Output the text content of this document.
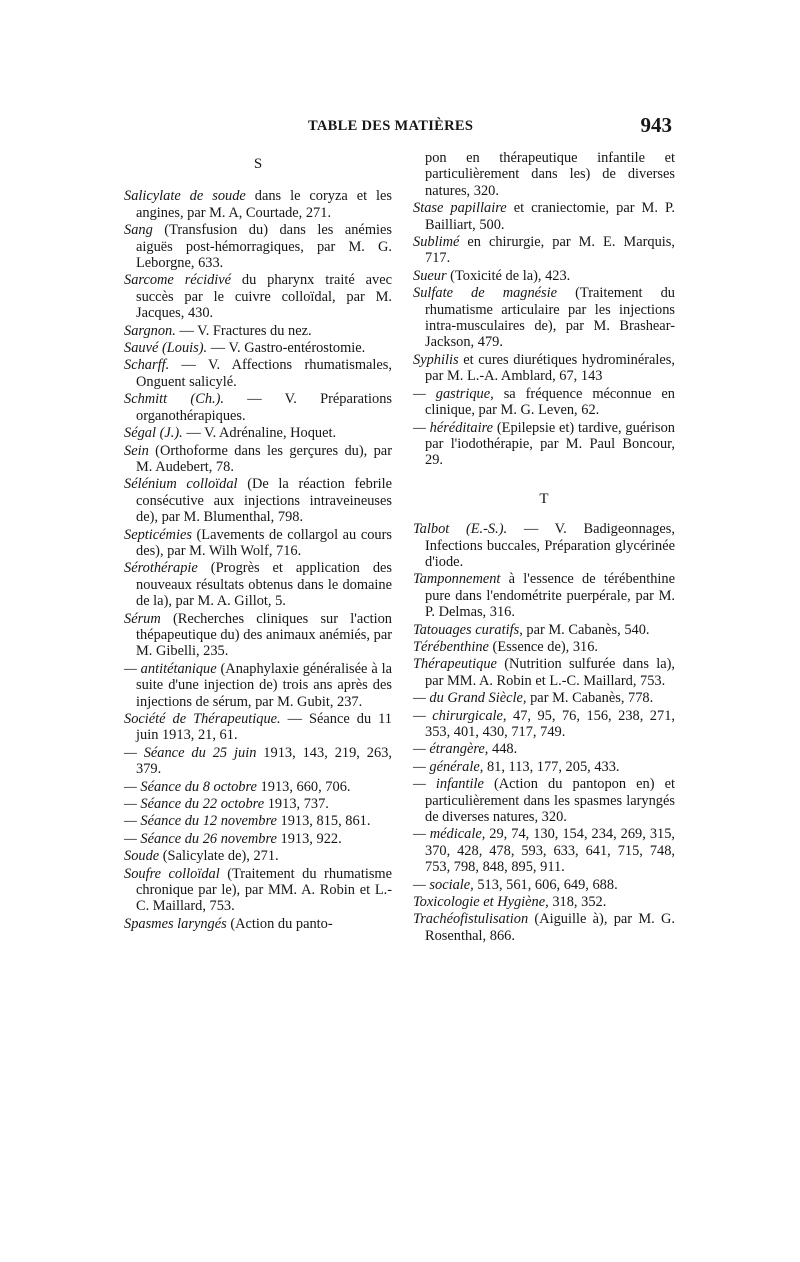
TABLE DES MATIÈRES	943
S

Salicylate de soude dans le coryza et les angines, par M. A, Courtade, 271.

Sang (Transfusion du) dans les anémies aiguës post-hémorragiques, par M. G. Leborgne, 633.

Sarcome récidivé du pharynx traité avec succès par le cuivre colloïdal, par M. Jacques, 430.

Sargnon. — V. Fractures du nez.

Sauvé (Louis). — V. Gastro-entérostomie.

Scharff. — V. Affections rhumatismales, Onguent salicylé.

Schmitt (Ch.). — V. Préparations organothérapiques.

Ségal (J.). — V. Adrénaline, Hoquet.

Sein (Orthoforme dans les gerçures du), par M. Audebert, 78.

Sélénium colloïdal (De la réaction febrile consécutive aux injections intraveineuses de), par M. Blumenthal, 798.

Septicémies (Lavements de collargol au cours des), par M. Wilh Wolf, 716.

Sérothérapie (Progrès et application des nouveaux résultats obtenus dans le domaine de la), par M. A. Gillot, 5.

Sérum (Recherches cliniques sur l'action thépapeutique du) des animaux anémiés, par M. Gibelli, 235.

— antitétanique (Anaphylaxie généralisée à la suite d'une injection de) trois ans après des injections de sérum, par M. Gubit, 237.

Société de Thérapeutique. — Séance du 11 juin 1913, 21, 61.

— Séance du 25 juin 1913, 143, 219, 263, 379.

— Séance du 8 octobre 1913, 660, 706.

— Séance du 22 octobre 1913, 737.

— Séance du 12 novembre 1913, 815, 861.

— Séance du 26 novembre 1913, 922.

Soude (Salicylate de), 271.

Soufre colloïdal (Traitement du rhumatisme chronique par le), par MM. A. Robin et L.-C. Maillard, 753.

Spasmes laryngés (Action du panto-

pon en thérapeutique infantile et particulièrement dans les) de diverses natures, 320.

Stase papillaire et craniectomie, par M. P. Bailliart, 500.

Sublimé en chirurgie, par M. E. Marquis, 717.

Sueur (Toxicité de la), 423.

Sulfate de magnésie (Traitement du rhumatisme articulaire par les injections intra-musculaires de), par M. Brashear-Jackson, 479.

Syphilis et cures diurétiques hydrominérales, par M. L.-A. Amblard, 67, 143

— gastrique, sa fréquence méconnue en clinique, par M. G. Leven, 62.

— héréditaire (Epilepsie et) tardive, guérison par l'iodothérapie, par M. Paul Boncour, 29.

T

Talbot (E.-S.). — V. Badigeonnages, Infections buccales, Préparation glycérinée d'iode.

Tamponnement à l'essence de térébenthine pure dans l'endométrite puerpérale, par M. P. Delmas, 316.

Tatouages curatifs, par M. Cabanès, 540.

Térébenthine (Essence de), 316.

Thérapeutique (Nutrition sulfurée dans la), par MM. A. Robin et L.-C. Maillard, 753.

— du Grand Siècle, par M. Cabanès, 778.

— chirurgicale, 47, 95, 76, 156, 238, 271, 353, 401, 430, 717, 749.

— étrangère, 448.

— générale, 81, 113, 177, 205, 433.

— infantile (Action du pantopon en) et particulièrement dans les spasmes laryngés de diverses natures, 320.

— médicale, 29, 74, 130, 154, 234, 269, 315, 370, 428, 478, 593, 633, 641, 715, 748, 753, 798, 848, 895, 911.

— sociale, 513, 561, 606, 649, 688.

Toxicologie et Hygiène, 318, 352.

Trachéofistulisation (Aiguille à), par M. G. Rosenthal, 866.
